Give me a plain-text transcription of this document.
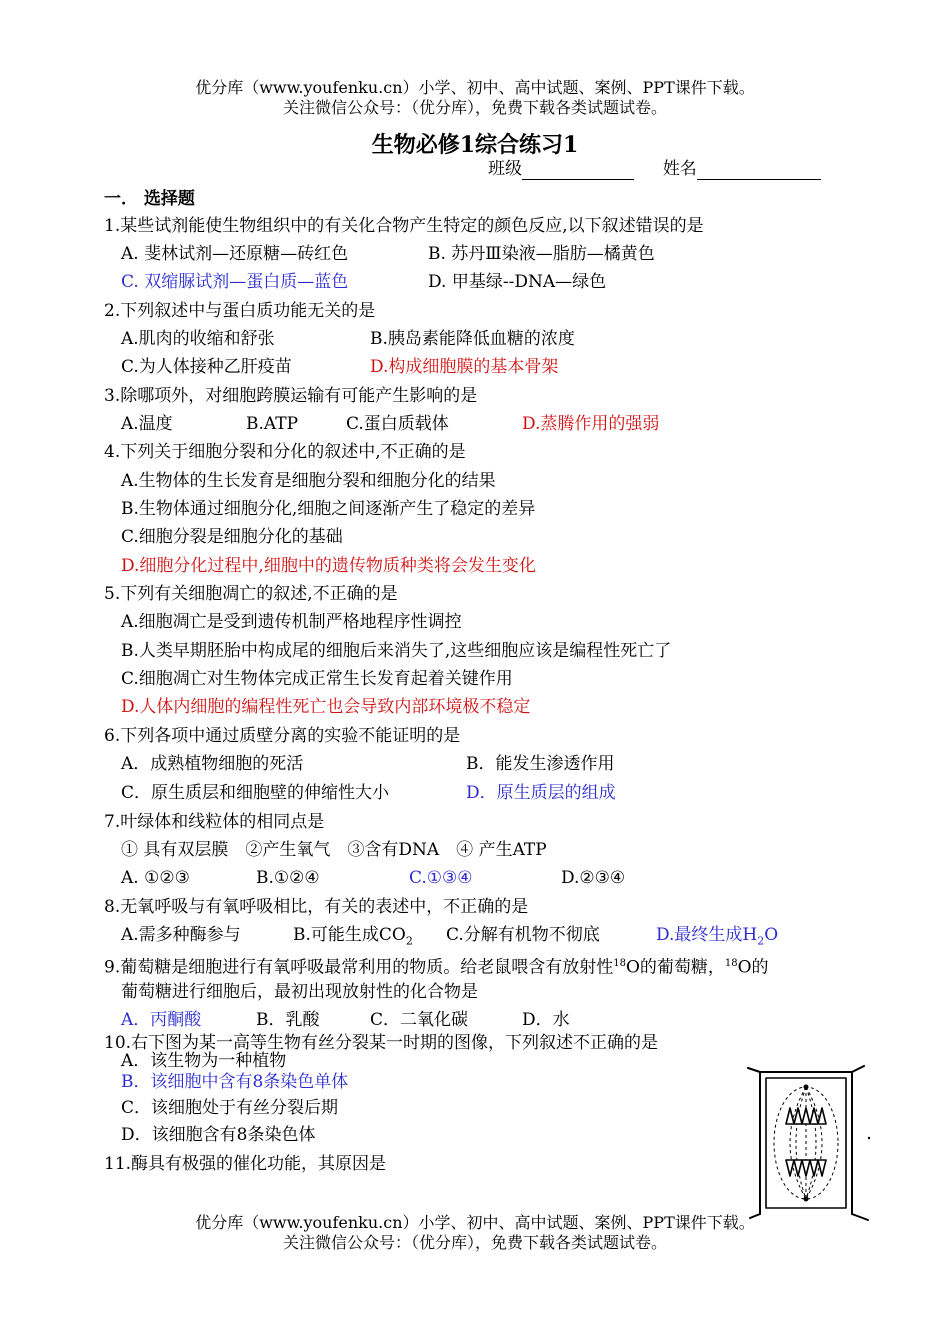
优分库（www.youfenku.cn）小学、初中、高中试题、案例、PPT课件下载。
关注微信公众号：（优分库），免费下载各类试题试卷。
生物必修1综合练习1
班级	姓名
一． 选择题
1.某些试剂能使生物组织中的有关化合物产生特定的颜色反应,以下叙述错误的是
A. 斐林试剂—还原糖—砖红色	B. 苏丹Ⅲ染液—脂肪—橘黄色
C. 双缩脲试剂—蛋白质—蓝色	D. 甲基绿--DNA—绿色
2.下列叙述中与蛋白质功能无关的是
A.肌肉的收缩和舒张	B.胰岛素能降低血糖的浓度
C.为人体接种乙肝疫苗	D.构成细胞膜的基本骨架
3.除哪项外，对细胞跨膜运输有可能产生影响的是
A.温度	B.ATP	C.蛋白质载体	D.蒸腾作用的强弱
4.下列关于细胞分裂和分化的叙述中,不正确的是
A.生物体的生长发育是细胞分裂和细胞分化的结果
B.生物体通过细胞分化,细胞之间逐渐产生了稳定的差异
C.细胞分裂是细胞分化的基础
D.细胞分化过程中,细胞中的遗传物质种类将会发生变化
5.下列有关细胞凋亡的叙述,不正确的是
A.细胞凋亡是受到遗传机制严格地程序性调控
B.人类早期胚胎中构成尾的细胞后来消失了,这些细胞应该是编程性死亡了
C.细胞凋亡对生物体完成正常生长发育起着关键作用
D.人体内细胞的编程性死亡也会导致内部环境极不稳定
6.下列各项中通过质壁分离的实验不能证明的是
A．成熟植物细胞的死活	B．能发生渗透作用
C．原生质层和细胞壁的伸缩性大小	D．原生质层的组成
7.叶绿体和线粒体的相同点是
① 具有双层膜　②产生氧气　③含有DNA　④ 产生ATP
A. ①②③	B.①②④	C.①③④	D.②③④
8.无氧呼吸与有氧呼吸相比，有关的表述中，不正确的是
A.需多种酶参与	B.可能生成$CO_2$ C.分解有机物不彻底	D.最终生成$H_2O$
9.葡萄糖是细胞进行有氧呼吸最常利用的物质。给老鼠喂含有放射性$^{18}$O的葡萄糖，$^{18}$O的
葡萄糖进行细胞后，最初出现放射性的化合物是
A．丙酮酸	B．乳酸	C．二氧化碳	D．水
10.右下图为某一高等生物有丝分裂某一时期的图像，下列叙述不正确的是
A．该生物为一种植物
B．该细胞中含有8条染色单体
C．该细胞处于有丝分裂后期
D．该细胞含有8条染色体
11.酶具有极强的催化功能，其原因是
优分库（www.youfenku.cn）小学、初中、高中试题、案例、PPT课件下载。
关注微信公众号：（优分库），免费下载各类试题试卷。
